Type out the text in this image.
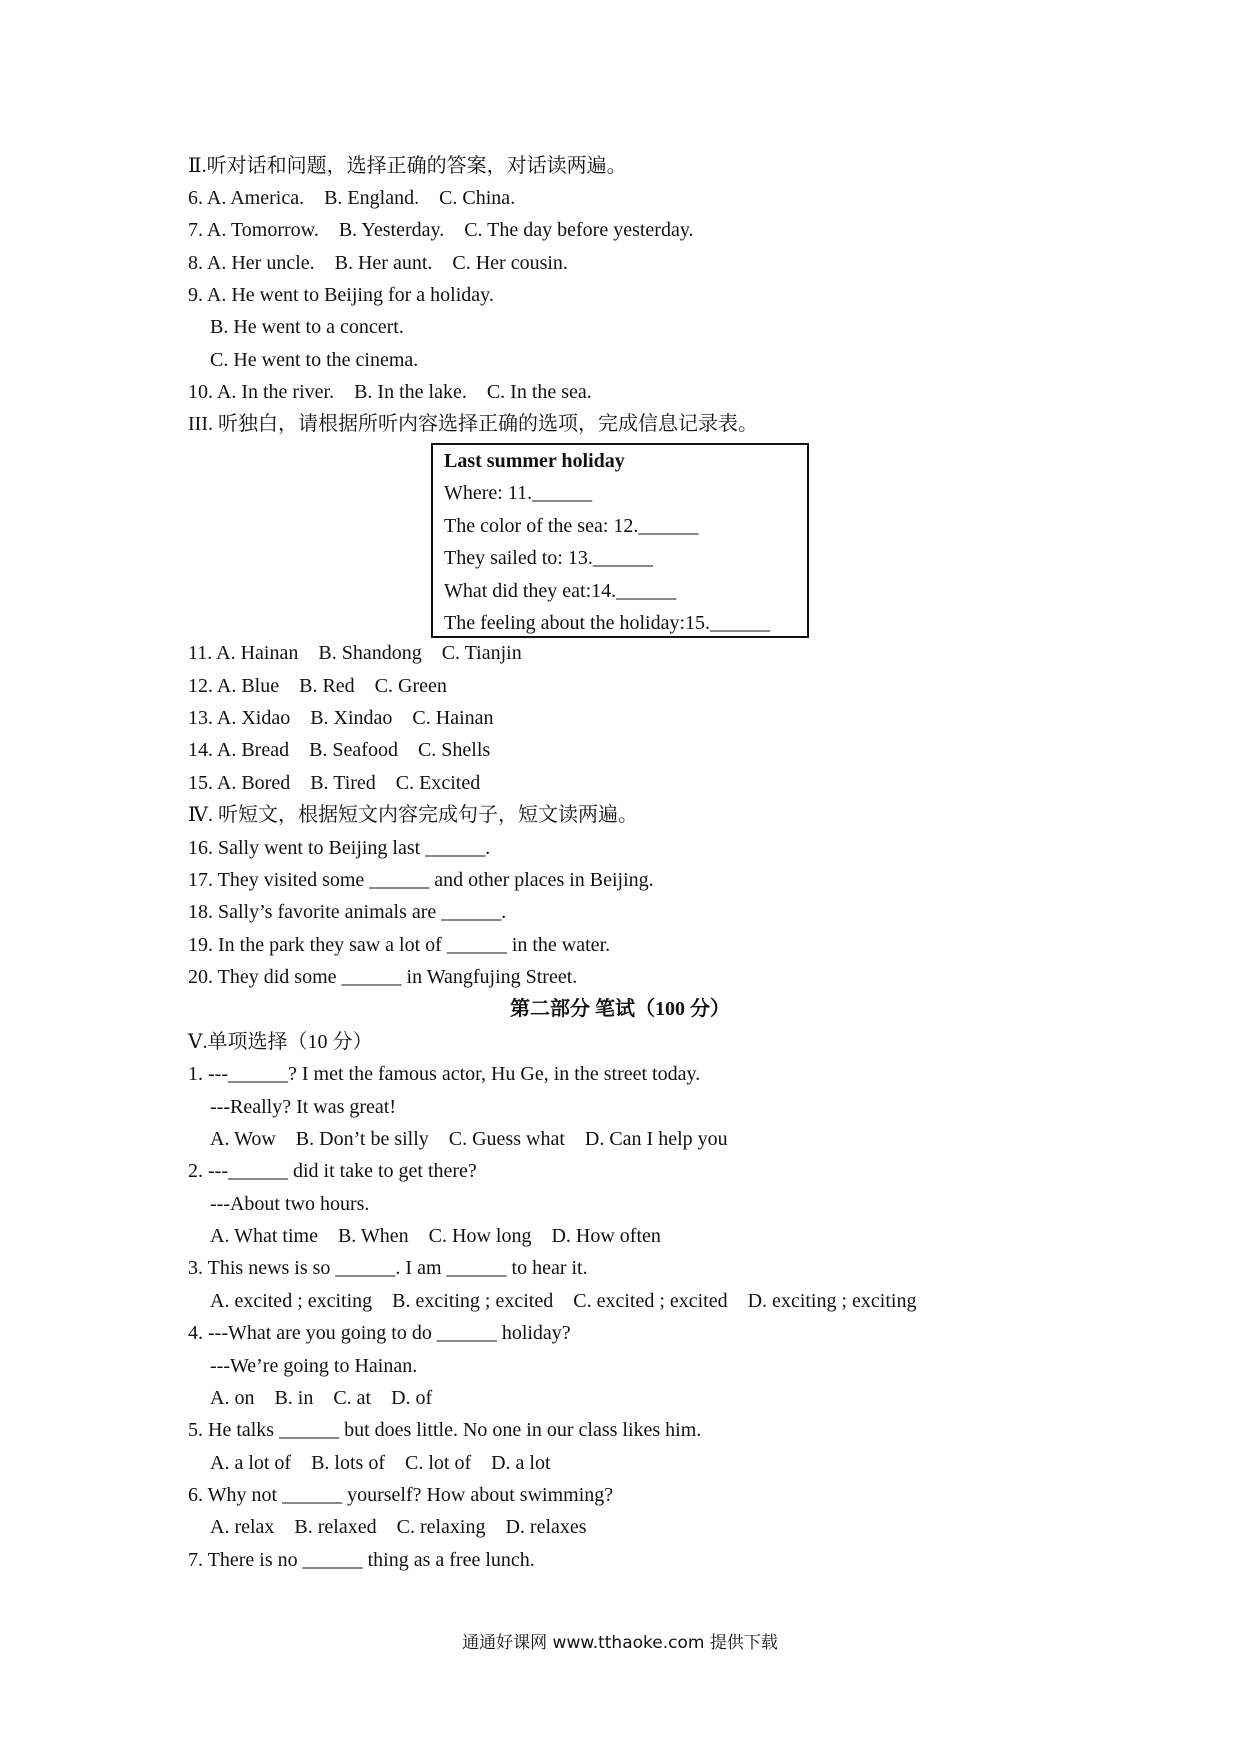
Ⅱ.听对话和问题，选择正确的答案，对话读两遍。
6. A. America.    B. England.    C. China.
7. A. Tomorrow.    B. Yesterday.    C. The day before yesterday.
8. A. Her uncle.    B. Her aunt.    C. Her cousin.
9. A. He went to Beijing for a holiday.
B. He went to a concert.
C. He went to the cinema.
10. A. In the river.    B. In the lake.    C. In the sea.
III. 听独白，请根据所听内容选择正确的选项，完成信息记录表。
Last summer holiday
Where: 11.______
The color of the sea: 12.______
They sailed to: 13.______
What did they eat:14.______
The feeling about the holiday:15.______
11. A. Hainan    B. Shandong    C. Tianjin
12. A. Blue    B. Red    C. Green
13. A. Xidao    B. Xindao    C. Hainan
14. A. Bread    B. Seafood    C. Shells
15. A. Bored    B. Tired    C. Excited
Ⅳ. 听短文，根据短文内容完成句子，短文读两遍。
16. Sally went to Beijing last ______.
17. They visited some ______ and other places in Beijing.
18. Sally’s favorite animals are ______.
19. In the park they saw a lot of ______ in the water.
20. They did some ______ in Wangfujing Street.
第二部分 笔试（100 分）
Ⅴ.单项选择（10 分）
1. ---______? I met the famous actor, Hu Ge, in the street today.
---Really? It was great!
A. Wow    B. Don’t be silly    C. Guess what    D. Can I help you
2. ---______ did it take to get there?
---About two hours.
A. What time    B. When    C. How long    D. How often
3. This news is so ______. I am ______ to hear it.
A. excited ; exciting    B. exciting ; excited    C. excited ; excited    D. exciting ; exciting
4. ---What are you going to do ______ holiday?
---We’re going to Hainan.
A. on    B. in    C. at    D. of
5. He talks ______ but does little. No one in our class likes him.
A. a lot of    B. lots of    C. lot of    D. a lot
6. Why not ______ yourself? How about swimming?
A. relax    B. relaxed    C. relaxing    D. relaxes
7. There is no ______ thing as a free lunch.
通通好课网 www.tthaoke.com 提供下载
